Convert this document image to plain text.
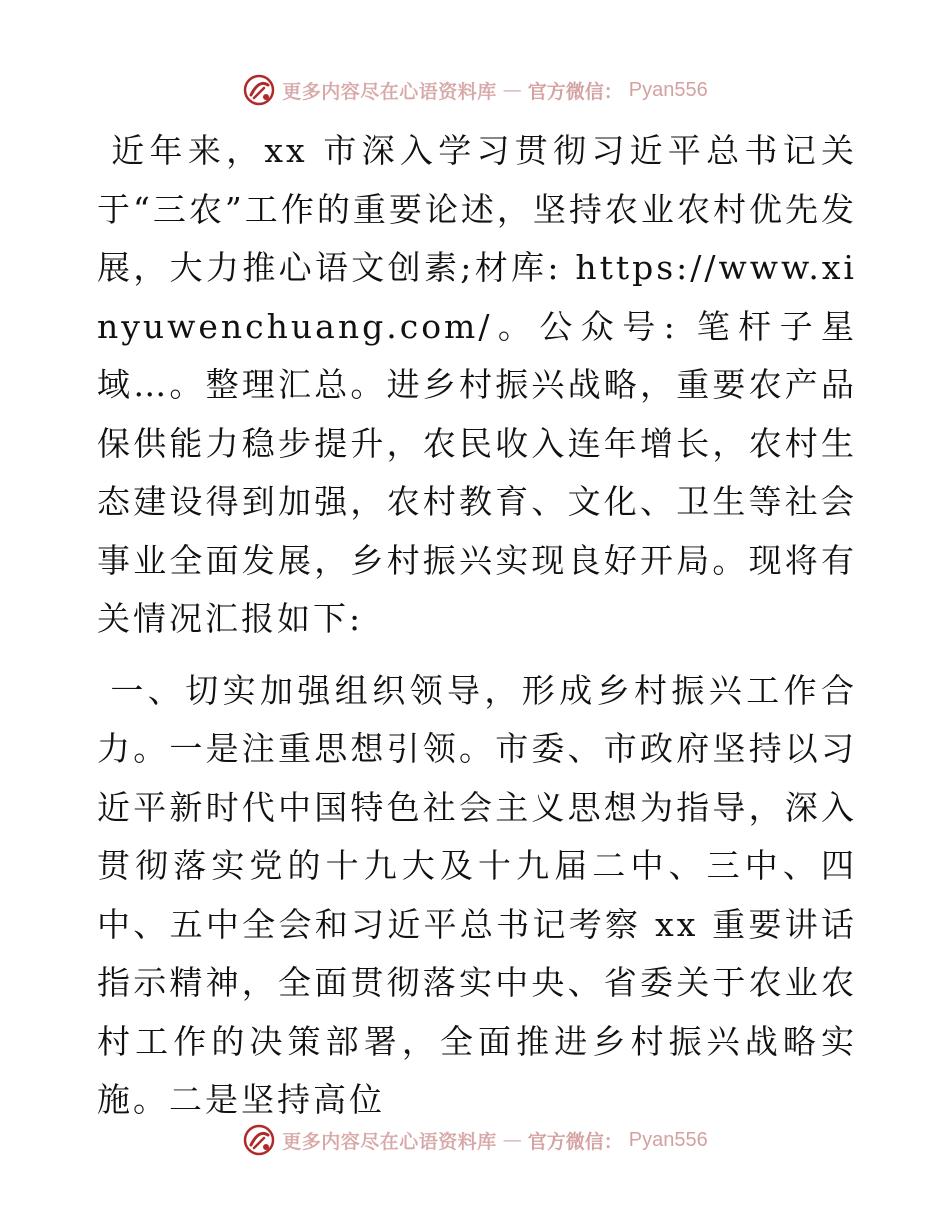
更多内容尽在心语资料库 — 官方微信： Pyan556

近年来，xx 市深入学习贯彻习近平总书记关于“三农”工作的重要论述，坚持农业农村优先发展，大力推心语文创素;材库: https://www.xinyuwenchuang.com/。公众号: 笔杆子星域…。整理汇总。进乡村振兴战略，重要农产品保供能力稳步提升，农民收入连年增长，农村生态建设得到加强，农村教育、文化、卫生等社会事业全面发展，乡村振兴实现良好开局。现将有关情况汇报如下:

一、切实加强组织领导，形成乡村振兴工作合力。一是注重思想引领。市委、市政府坚持以习近平新时代中国特色社会主义思想为指导，深入贯彻落实党的十九大及十九届二中、三中、四中、五中全会和习近平总书记考察 xx 重要讲话指示精神，全面贯彻落实中央、省委关于农业农村工作的决策部署，全面推进乡村振兴战略实施。二是坚持高位

更多内容尽在心语资料库 — 官方微信： Pyan556
